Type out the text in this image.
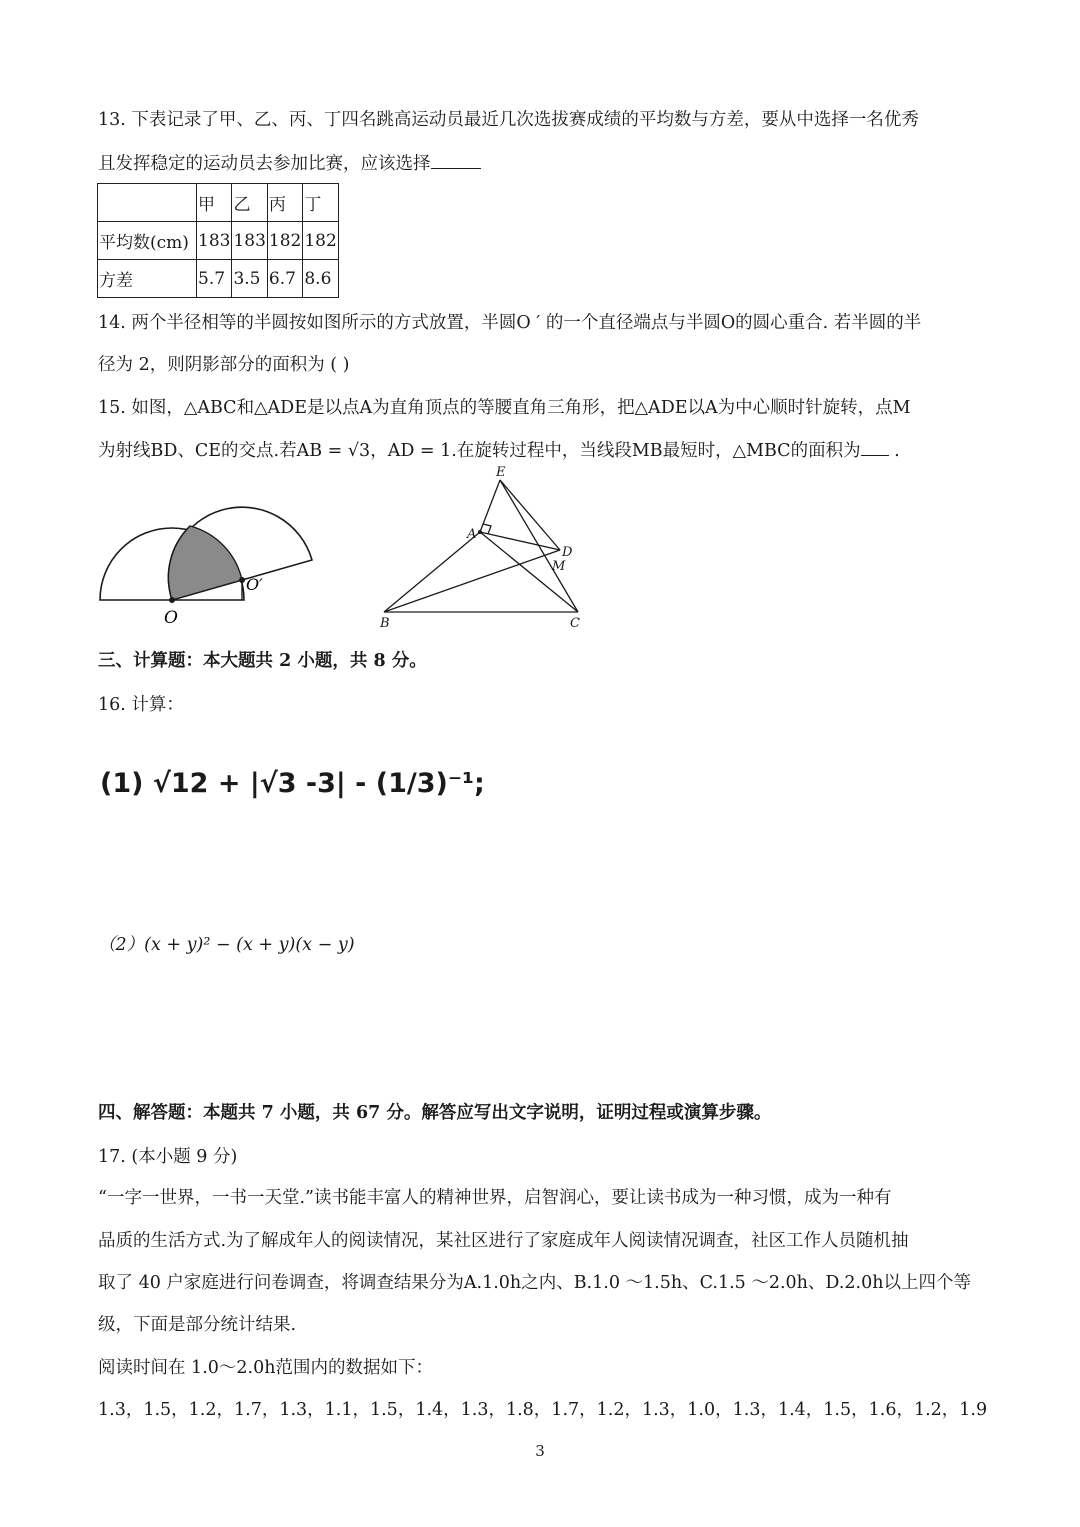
13. 下表记录了甲、乙、丙、丁四名跳高运动员最近几次选拔赛成绩的平均数与方差，要从中选择一名优秀
且发挥稳定的运动员去参加比赛，应该选择
	甲	乙	丙	丁
平均数(cm)	183	183	182	182
方差	5.7	3.5	6.7	8.6
14. 两个半径相等的半圆按如图所示的方式放置，半圆O ′ 的一个直径端点与半圆O的圆心重合. 若半圆的半
径为 2，则阴影部分的面积为 ( )
15. 如图，△ABC和△ADE是以点A为直角顶点的等腰直角三角形，把△ADE以A为中心顺时针旋转，点M
为射线BD、CE的交点.若AB = √3，AD = 1.在旋转过程中，当线段MB最短时，△MBC的面积为 .
O
O′
E
A
D
M
B	C
三、计算题：本大题共 2 小题，共 8 分。
16. 计算：
(1) √12 + |√3 -3| - (1/3)⁻¹;
（2）(x + y)² − (x + y)(x − y)
四、解答题：本题共 7 小题，共 67 分。解答应写出文字说明，证明过程或演算步骤。
17. (本小题 9 分)
“一字一世界，一书一天堂.”读书能丰富人的精神世界，启智润心，要让读书成为一种习惯，成为一种有
品质的生活方式.为了解成年人的阅读情况，某社区进行了家庭成年人阅读情况调查，社区工作人员随机抽
取了 40 户家庭进行问卷调查，将调查结果分为A.1.0h之内、B.1.0 ～1.5h、C.1.5 ～2.0h、D.2.0h以上四个等
级，下面是部分统计结果.
阅读时间在 1.0～2.0h范围内的数据如下：
1.3，1.5，1.2，1.7，1.3，1.1，1.5，1.4，1.3，1.8，1.7，1.2，1.3，1.0，1.3，1.4，1.5，1.6，1.2，1.9
3
